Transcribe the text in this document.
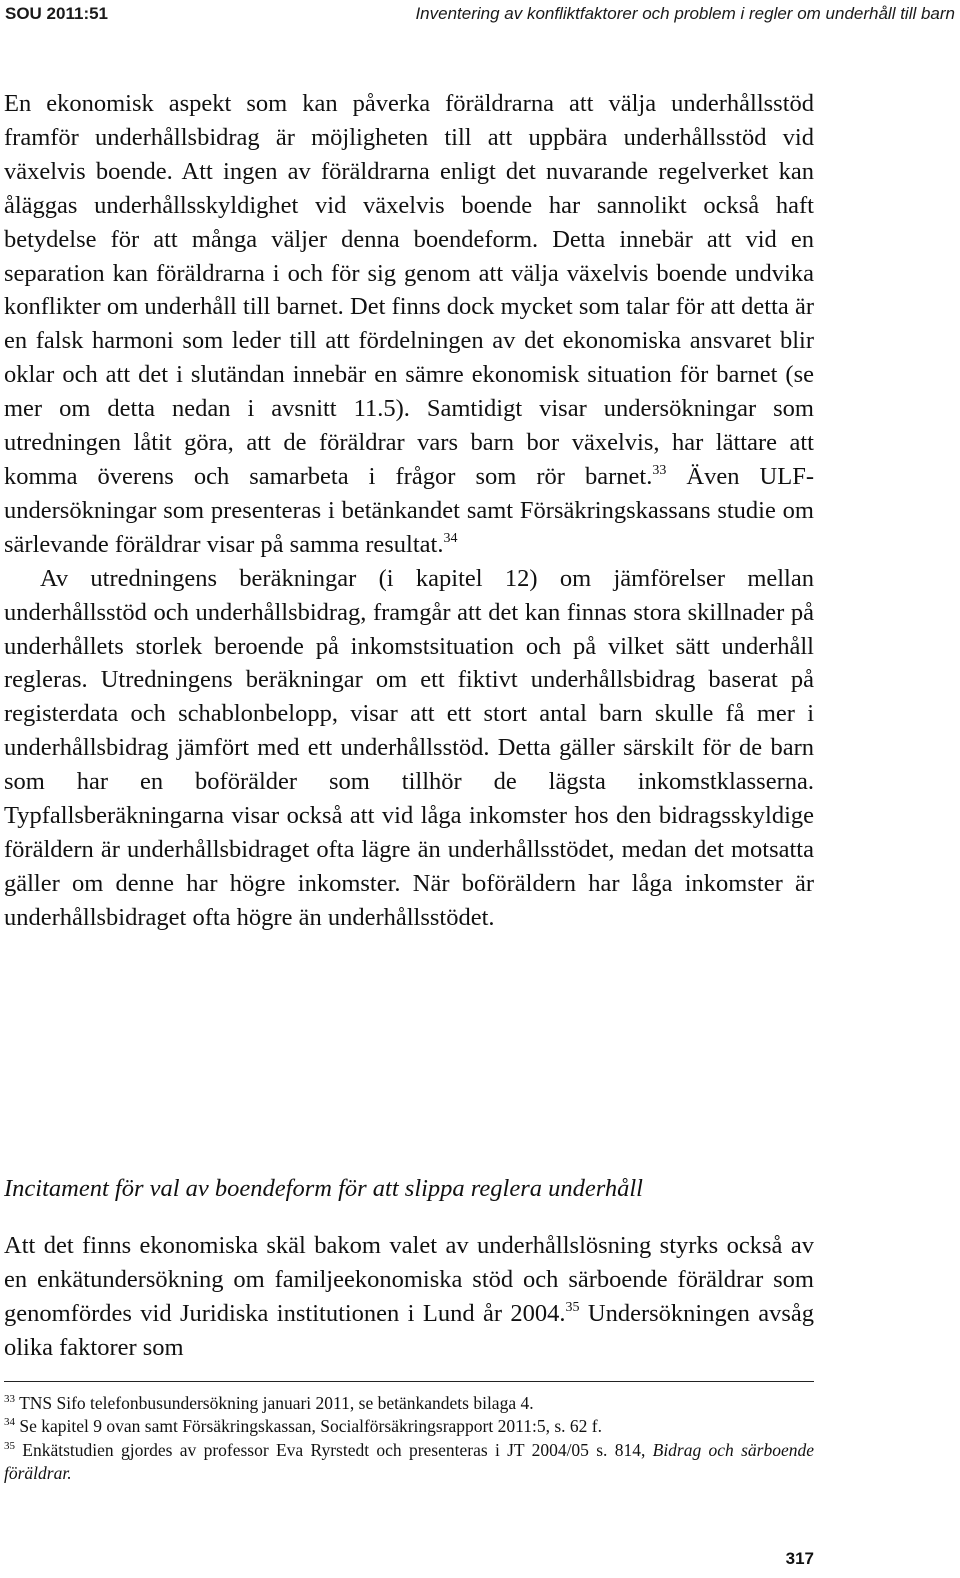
SOU 2011:51	Inventering av konfliktfaktorer och problem i regler om underhåll till barn

En ekonomisk aspekt som kan påverka föräldrarna att välja underhållsstöd framför underhållsbidrag är möjligheten till att uppbära underhållsstöd vid växelvis boende. Att ingen av föräldrarna enligt det nuvarande regelverket kan åläggas underhållsskyldighet vid växelvis boende har sannolikt också haft betydelse för att många väljer denna boendeform. Detta innebär att vid en separation kan föräldrarna i och för sig genom att välja växelvis boende undvika konflikter om underhåll till barnet. Det finns dock mycket som talar för att detta är en falsk harmoni som leder till att fördelningen av det ekonomiska ansvaret blir oklar och att det i slutändan innebär en sämre ekonomisk situation för barnet (se mer om detta nedan i avsnitt 11.5). Samtidigt visar undersökningar som utredningen låtit göra, att de föräldrar vars barn bor växelvis, har lättare att komma överens och samarbeta i frågor som rör barnet.$^{33}$ Även ULF-undersökningar som presenteras i betänkandet samt Försäkringskassans studie om särlevande föräldrar visar på samma resultat.$^{34}$

Av utredningens beräkningar (i kapitel 12) om jämförelser mellan underhållsstöd och underhållsbidrag, framgår att det kan finnas stora skillnader på underhållets storlek beroende på inkomstsituation och på vilket sätt underhåll regleras. Utredningens beräkningar om ett fiktivt underhållsbidrag baserat på registerdata och schablonbelopp, visar att ett stort antal barn skulle få mer i underhållsbidrag jämfört med ett underhållsstöd. Detta gäller särskilt för de barn som har en boförälder som tillhör de lägsta inkomstklasserna. Typfallsberäkningarna visar också att vid låga inkomster hos den bidragsskyldige föräldern är underhållsbidraget ofta lägre än underhållsstödet, medan det motsatta gäller om denne har högre inkomster. När boföräldern har låga inkomster är underhållsbidraget ofta högre än underhållsstödet.

Incitament för val av boendeform för att slippa reglera underhåll

Att det finns ekonomiska skäl bakom valet av underhållslösning styrks också av en enkätundersökning om familjeekonomiska stöd och särboende föräldrar som genomfördes vid Juridiska institutionen i Lund år 2004.35 Undersökningen avsåg olika faktorer som

$^{33}$ TNS Sifo telefonbusundersökning januari 2011, se betänkandets bilaga 4.

$^{34}$ Se kapitel 9 ovan samt Försäkringskassan, Socialförsäkringsrapport 2011:5, s. 62 f.

$^{35}$ Enkätstudien gjordes av professor Eva Ryrstedt och presenteras i JT 2004/05 s. 814, Bidrag och särboende föräldrar.

317
